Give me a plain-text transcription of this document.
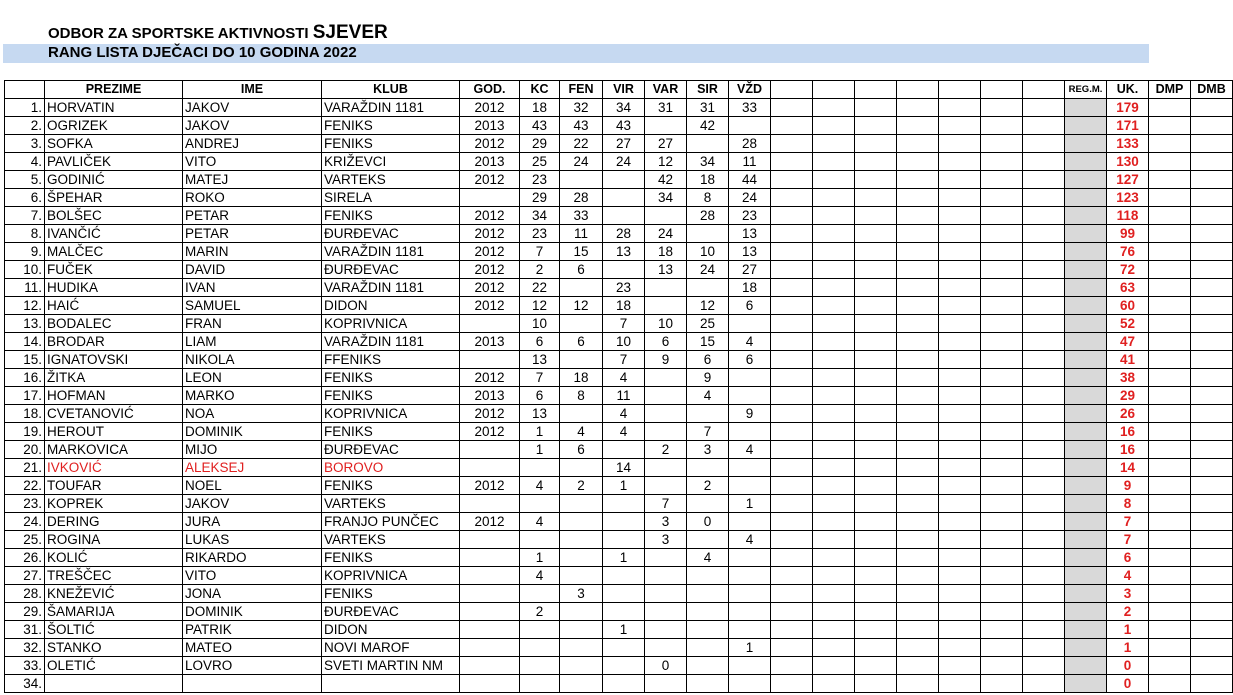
ODBOR ZA SPORTSKE AKTIVNOSTI SJEVER
RANG LISTA DJEČACI DO 10 GODINA 2022
	PREZIME	IME	KLUB	GOD.	KC	FEN	VIR	VAR	SIR	VŽD								REG.M.	UK.	DMP	DMB
1.	HORVATIN	JAKOV	VARAŽDIN 1181	2012	18	32	34	31	31	33									179		
2.	OGRIZEK	JAKOV	FENIKS	2013	43	43	43		42										171		
3.	SOFKA	ANDREJ	FENIKS	2012	29	22	27	27		28									133		
4.	PAVLIČEK	VITO	KRIŽEVCI	2013	25	24	24	12	34	11									130		
5.	GODINIĆ	MATEJ	VARTEKS	2012	23			42	18	44									127		
6.	ŠPEHAR	ROKO	SIRELA		29	28		34	8	24									123		
7.	BOLŠEC	PETAR	FENIKS	2012	34	33			28	23									118		
8.	IVANČIĆ	PETAR	ĐURĐEVAC	2012	23	11	28	24		13									99		
9.	MALČEC	MARIN	VARAŽDIN 1181	2012	7	15	13	18	10	13									76		
10.	FUČEK	DAVID	ĐURĐEVAC	2012	2	6		13	24	27									72		
11.	HUDIKA	IVAN	VARAŽDIN 1181	2012	22		23			18									63		
12.	HAIĆ	SAMUEL	DIDON	2012	12	12	18		12	6									60		
13.	BODALEC	FRAN	KOPRIVNICA		10		7	10	25										52		
14.	BRODAR	LIAM	VARAŽDIN 1181	2013	6	6	10	6	15	4									47		
15.	IGNATOVSKI	NIKOLA	FFENIKS		13		7	9	6	6									41		
16.	ŽITKA	LEON	FENIKS	2012	7	18	4		9										38		
17.	HOFMAN	MARKO	FENIKS	2013	6	8	11		4										29		
18.	CVETANOVIĆ	NOA	KOPRIVNICA	2012	13		4			9									26		
19.	HEROUT	DOMINIK	FENIKS	2012	1	4	4		7										16		
20.	MARKOVICA	MIJO	ĐURĐEVAC		1	6		2	3	4									16		
21.	IVKOVIĆ	ALEKSEJ	BOROVO				14												14		
22.	TOUFAR	NOEL	FENIKS	2012	4	2	1		2										9		
23.	KOPREK	JAKOV	VARTEKS					7		1									8		
24.	DERING	JURA	FRANJO PUNČEC	2012	4			3	0										7		
25.	ROGINA	LUKAS	VARTEKS					3		4									7		
26.	KOLIĆ	RIKARDO	FENIKS		1		1		4										6		
27.	TREŠČEC	VITO	KOPRIVNICA		4														4		
28.	KNEŽEVIĆ	JONA	FENIKS			3													3		
29.	ŠAMARIJA	DOMINIK	ĐURĐEVAC		2														2		
31.	ŠOLTIĆ	PATRIK	DIDON				1												1		
32.	STANKO	MATEO	NOVI MAROF							1									1		
33.	OLETIĆ	LOVRO	SVETI MARTIN NM					0											0		
34.																			0		
